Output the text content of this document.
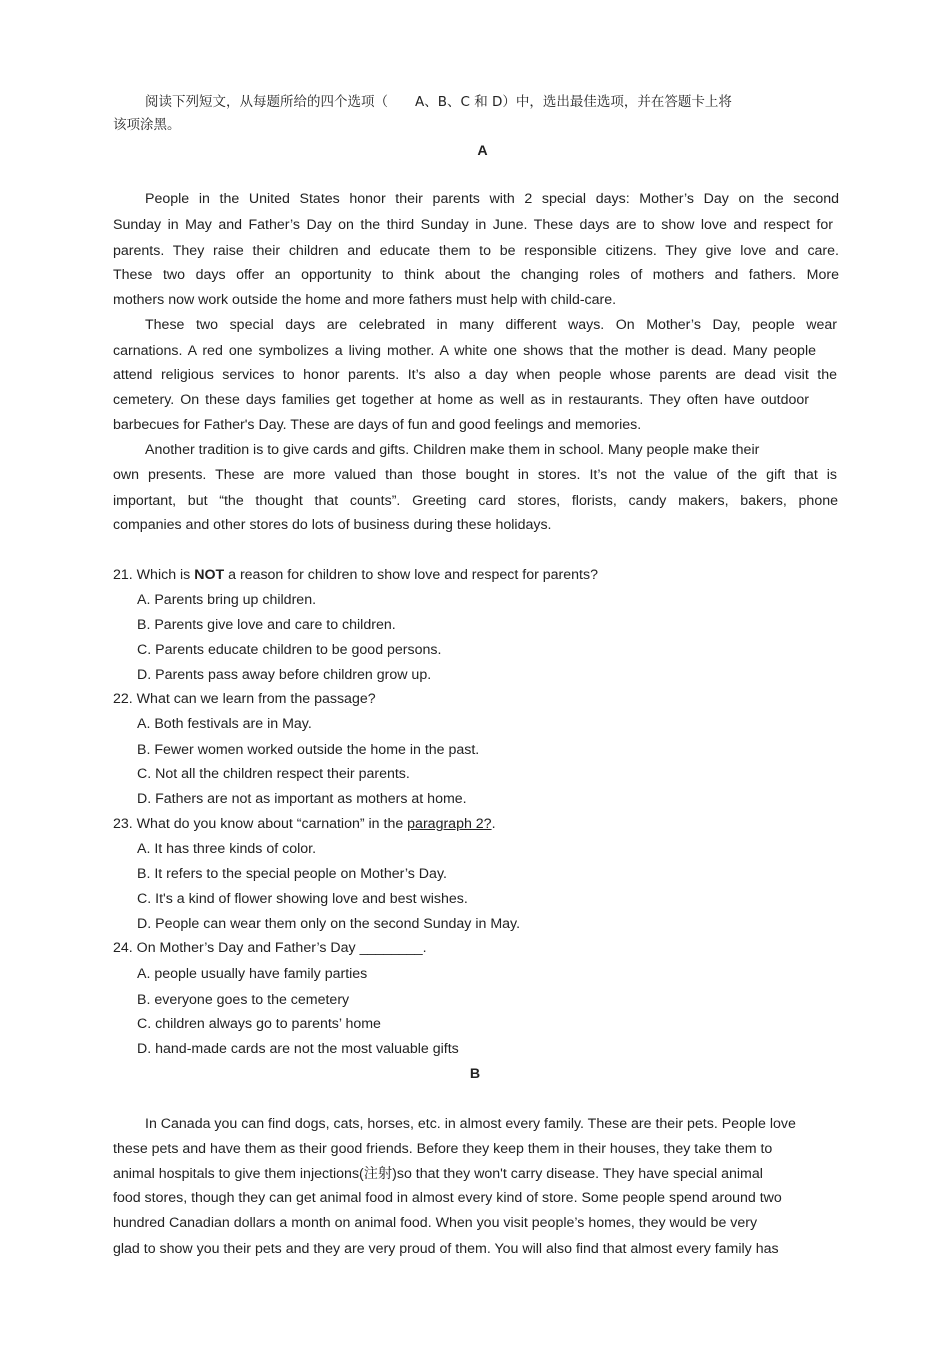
阅读下列短文，从每题所给的四个选项（　　A、B、C 和 D）中，选出最佳选项，并在答题卡上将
该项涂黑。
A
People in the United States honor their parents with 2 special days: Mother’s Day on the second
Sunday in May and Father’s Day on the third Sunday in June. These days are to show love and respect for
parents. They raise their children and educate them to be responsible citizens. They give love and care.
These two days offer an opportunity to think about the changing roles of mothers and fathers. More
mothers now work outside the home and more fathers must help with child-care.
These two special days are celebrated in many different ways. On Mother’s Day, people wear
carnations. A red one symbolizes a living mother. A white one shows that the mother is dead. Many people
attend religious services to honor parents. It’s also a day when people whose parents are dead visit the
cemetery. On these days families get together at home as well as in restaurants. They often have outdoor
barbecues for Father's Day. These are days of fun and good feelings and memories.
Another tradition is to give cards and gifts. Children make them in school. Many people make their
own presents. These are more valued than those bought in stores. It’s not the value of the gift that is
important, but “the thought that counts”. Greeting card stores, florists, candy makers, bakers, phone
companies and other stores do lots of business during these holidays.
21. Which is NOT a reason for children to show love and respect for parents?
A. Parents bring up children.
B. Parents give love and care to children.
C. Parents educate children to be good persons.
D. Parents pass away before children grow up.
22. What can we learn from the passage?
A. Both festivals are in May.
B. Fewer women worked outside the home in the past.
C. Not all the children respect their parents.
D. Fathers are not as important as mothers at home.
23. What do you know about “carnation” in the paragraph 2?.
A. It has three kinds of color.
B. It refers to the special people on Mother’s Day.
C. It's a kind of flower showing love and best wishes.
D. People can wear them only on the second Sunday in May.
24. On Mother’s Day and Father’s Day ________.
A. people usually have family parties
B. everyone goes to the cemetery
C. children always go to parents’ home
D. hand-made cards are not the most valuable gifts
B
In Canada you can find dogs, cats, horses, etc. in almost every family. These are their pets. People love
these pets and have them as their good friends. Before they keep them in their houses, they take them to
animal hospitals to give them injections(注射)so that they won't carry disease. They have special animal
food stores, though they can get animal food in almost every kind of store. Some people spend around two
hundred Canadian dollars a month on animal food. When you visit people’s homes, they would be very
glad to show you their pets and they are very proud of them. You will also find that almost every family has
